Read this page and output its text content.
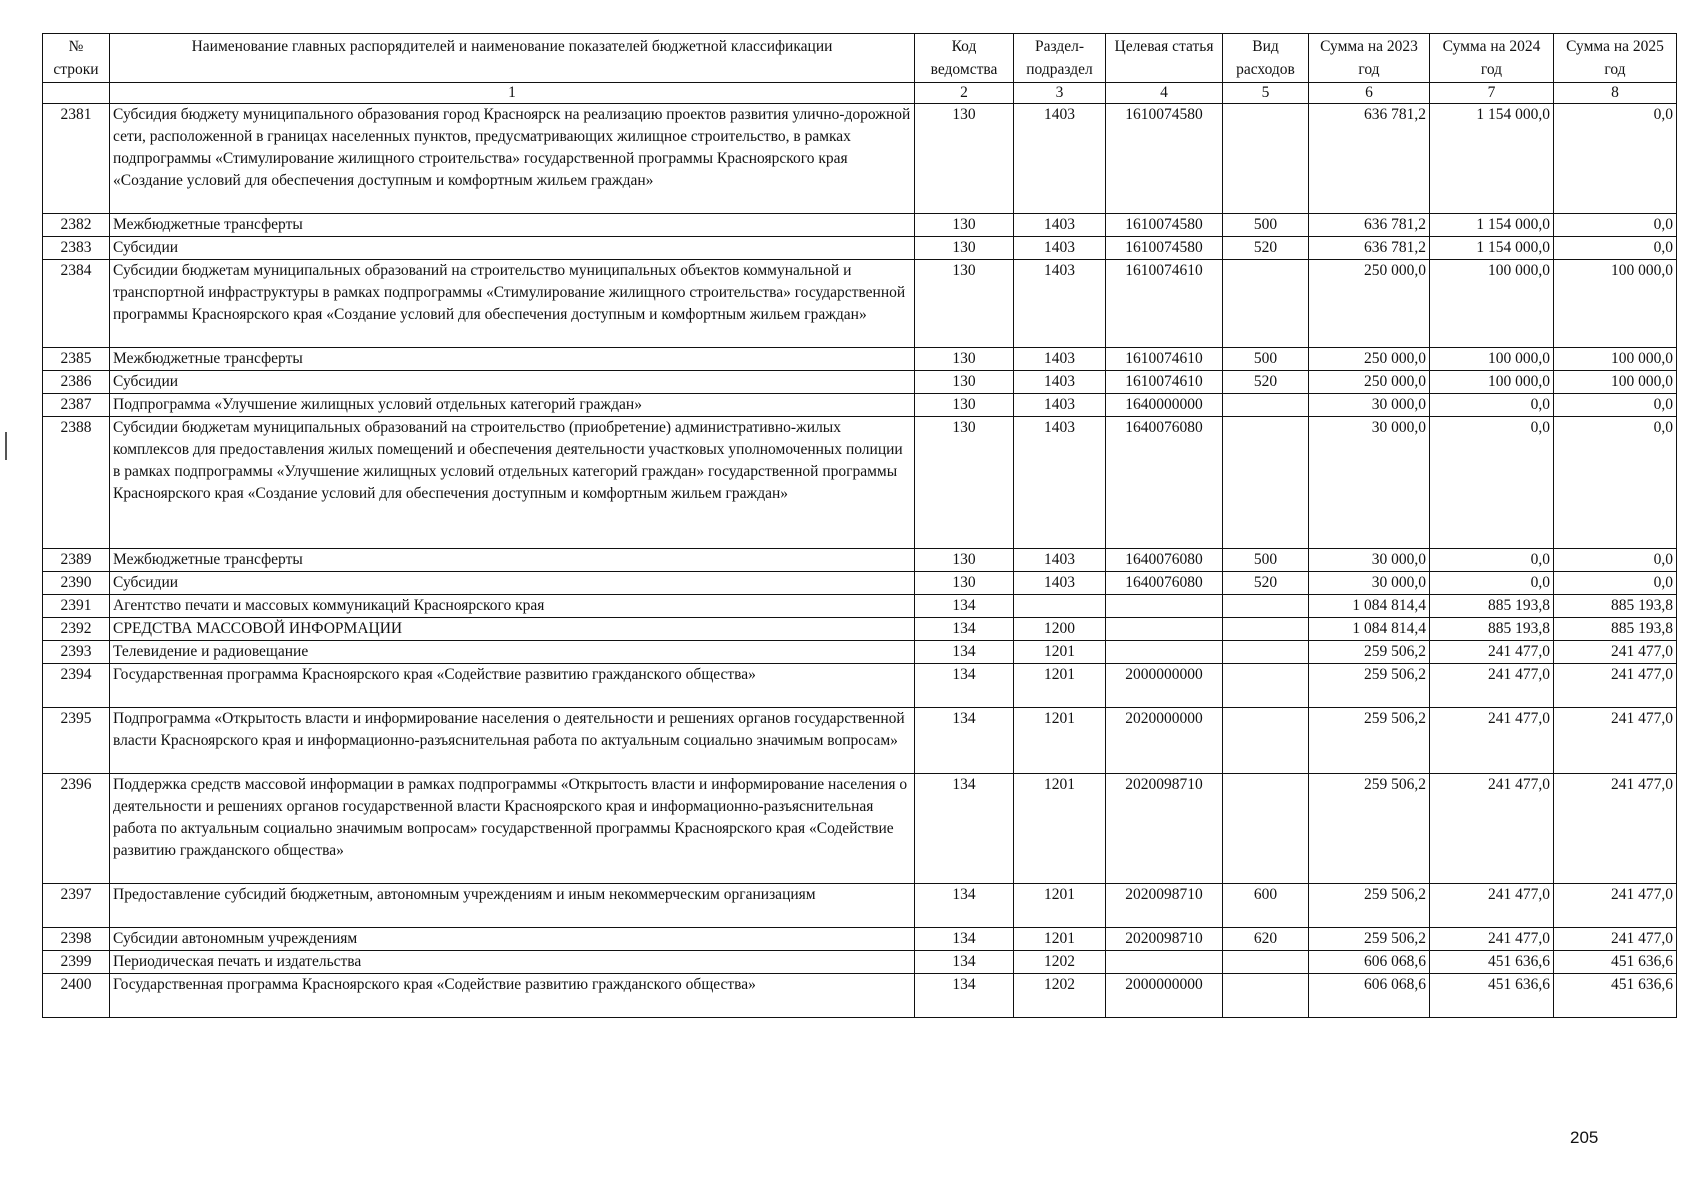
№ строки	Наименование главных распорядителей и наименование показателей бюджетной классификации	Код ведомства	Раздел-подраздел	Целевая статья	Вид расходов	Сумма на 2023 год	Сумма на 2024 год	Сумма на 2025 год
	1	2	3	4	5	6	7	8
2381	Субсидия бюджету муниципального образования город Красноярск на реализацию проектов развития улично-дорожной сети, расположенной в границах населенных пунктов, предусматривающих жилищное строительство, в рамках подпрограммы «Стимулирование жилищного строительства» государственной программы Красноярского края «Создание условий для обеспечения доступным и комфортным жильем граждан»	130	1403	1610074580		636 781,2	1 154 000,0	0,0
2382	Межбюджетные трансферты	130	1403	1610074580	500	636 781,2	1 154 000,0	0,0
2383	Субсидии	130	1403	1610074580	520	636 781,2	1 154 000,0	0,0
2384	Субсидии бюджетам муниципальных образований на строительство муниципальных объектов коммунальной и транспортной инфраструктуры в рамках подпрограммы «Стимулирование жилищного строительства» государственной программы Красноярского края «Создание условий для обеспечения доступным и комфортным жильем граждан»	130	1403	1610074610		250 000,0	100 000,0	100 000,0
2385	Межбюджетные трансферты	130	1403	1610074610	500	250 000,0	100 000,0	100 000,0
2386	Субсидии	130	1403	1610074610	520	250 000,0	100 000,0	100 000,0
2387	Подпрограмма «Улучшение жилищных условий отдельных категорий граждан»	130	1403	1640000000		30 000,0	0,0	0,0
2388	Субсидии бюджетам муниципальных образований на строительство (приобретение) административно-жилых комплексов для предоставления жилых помещений и обеспечения деятельности участковых уполномоченных полиции в рамках подпрограммы «Улучшение жилищных условий отдельных категорий граждан» государственной программы Красноярского края «Создание условий для обеспечения доступным и комфортным жильем граждан»	130	1403	1640076080		30 000,0	0,0	0,0
2389	Межбюджетные трансферты	130	1403	1640076080	500	30 000,0	0,0	0,0
2390	Субсидии	130	1403	1640076080	520	30 000,0	0,0	0,0
2391	Агентство печати и массовых коммуникаций Красноярского края	134				1 084 814,4	885 193,8	885 193,8
2392	СРЕДСТВА МАССОВОЙ ИНФОРМАЦИИ	134	1200			1 084 814,4	885 193,8	885 193,8
2393	Телевидение и радиовещание	134	1201			259 506,2	241 477,0	241 477,0
2394	Государственная программа Красноярского края «Содействие развитию гражданского общества»	134	1201	2000000000		259 506,2	241 477,0	241 477,0
2395	Подпрограмма «Открытость власти и информирование населения о деятельности и решениях органов государственной власти Красноярского края и информационно-разъяснительная работа по актуальным социально значимым вопросам»	134	1201	2020000000		259 506,2	241 477,0	241 477,0
2396	Поддержка средств массовой информации в рамках подпрограммы «Открытость власти и информирование населения о деятельности и решениях органов государственной власти Красноярского края и информационно-разъяснительная работа по актуальным социально значимым вопросам» государственной программы Красноярского края «Содействие развитию гражданского общества»	134	1201	2020098710		259 506,2	241 477,0	241 477,0
2397	Предоставление субсидий бюджетным, автономным учреждениям и иным некоммерческим организациям	134	1201	2020098710	600	259 506,2	241 477,0	241 477,0
2398	Субсидии автономным учреждениям	134	1201	2020098710	620	259 506,2	241 477,0	241 477,0
2399	Периодическая печать и издательства	134	1202			606 068,6	451 636,6	451 636,6
2400	Государственная программа Красноярского края «Содействие развитию гражданского общества»	134	1202	2000000000		606 068,6	451 636,6	451 636,6
205
